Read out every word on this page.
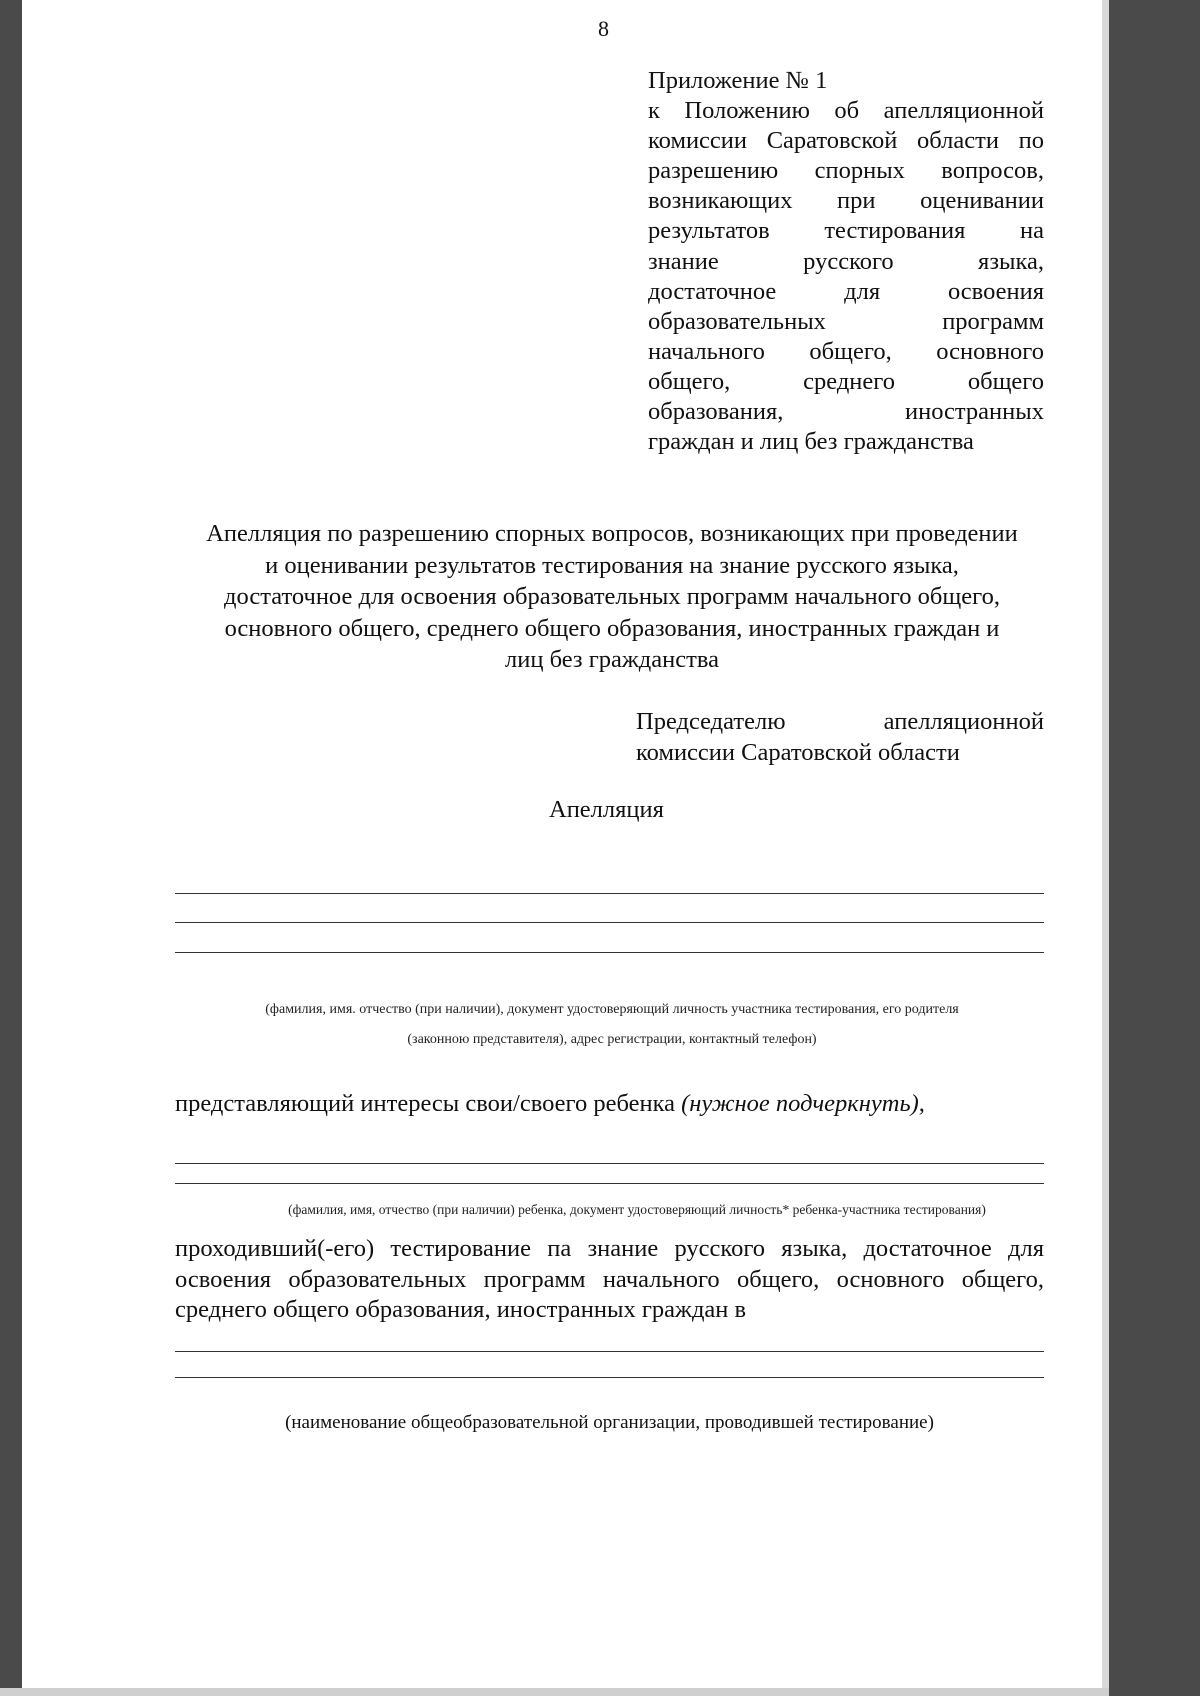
8
Приложение № 1
к Положению об апелляционной
комиссии Саратовской области по
разрешению спорных вопросов,
возникающих при оценивании
результатов тестирования на
знание русского языка,
достаточное для освоения
образовательных программ
начального общего, основного
общего, среднего общего
образования, иностранных
граждан и лиц без гражданства
Апелляция по разрешению спорных вопросов, возникающих при проведении
и оценивании результатов тестирования на знание русского языка,
достаточное для освоения образовательных программ начального общего,
основного общего, среднего общего образования, иностранных граждан и
лиц без гражданства
Председателю апелляционной
комиссии Саратовской области
Апелляция
(фамилия, имя. отчество (при наличии), документ удостоверяющий личность участника тестирования, его родителя
(законною представителя), адрес регистрации, контактный телефон)
представляющий интересы свои/своего ребенка (нужное подчеркнуть),
(фамилия, имя, отчество (при наличии) ребенка, документ удостоверяющий личность* ребенка-участника тестирования)
проходивший(-его) тестирование па знание русского языка, достаточное для освоения образовательных программ начального общего, основного общего, среднего общего образования, иностранных граждан в
(наименование общеобразовательной организации, проводившей тестирование)
